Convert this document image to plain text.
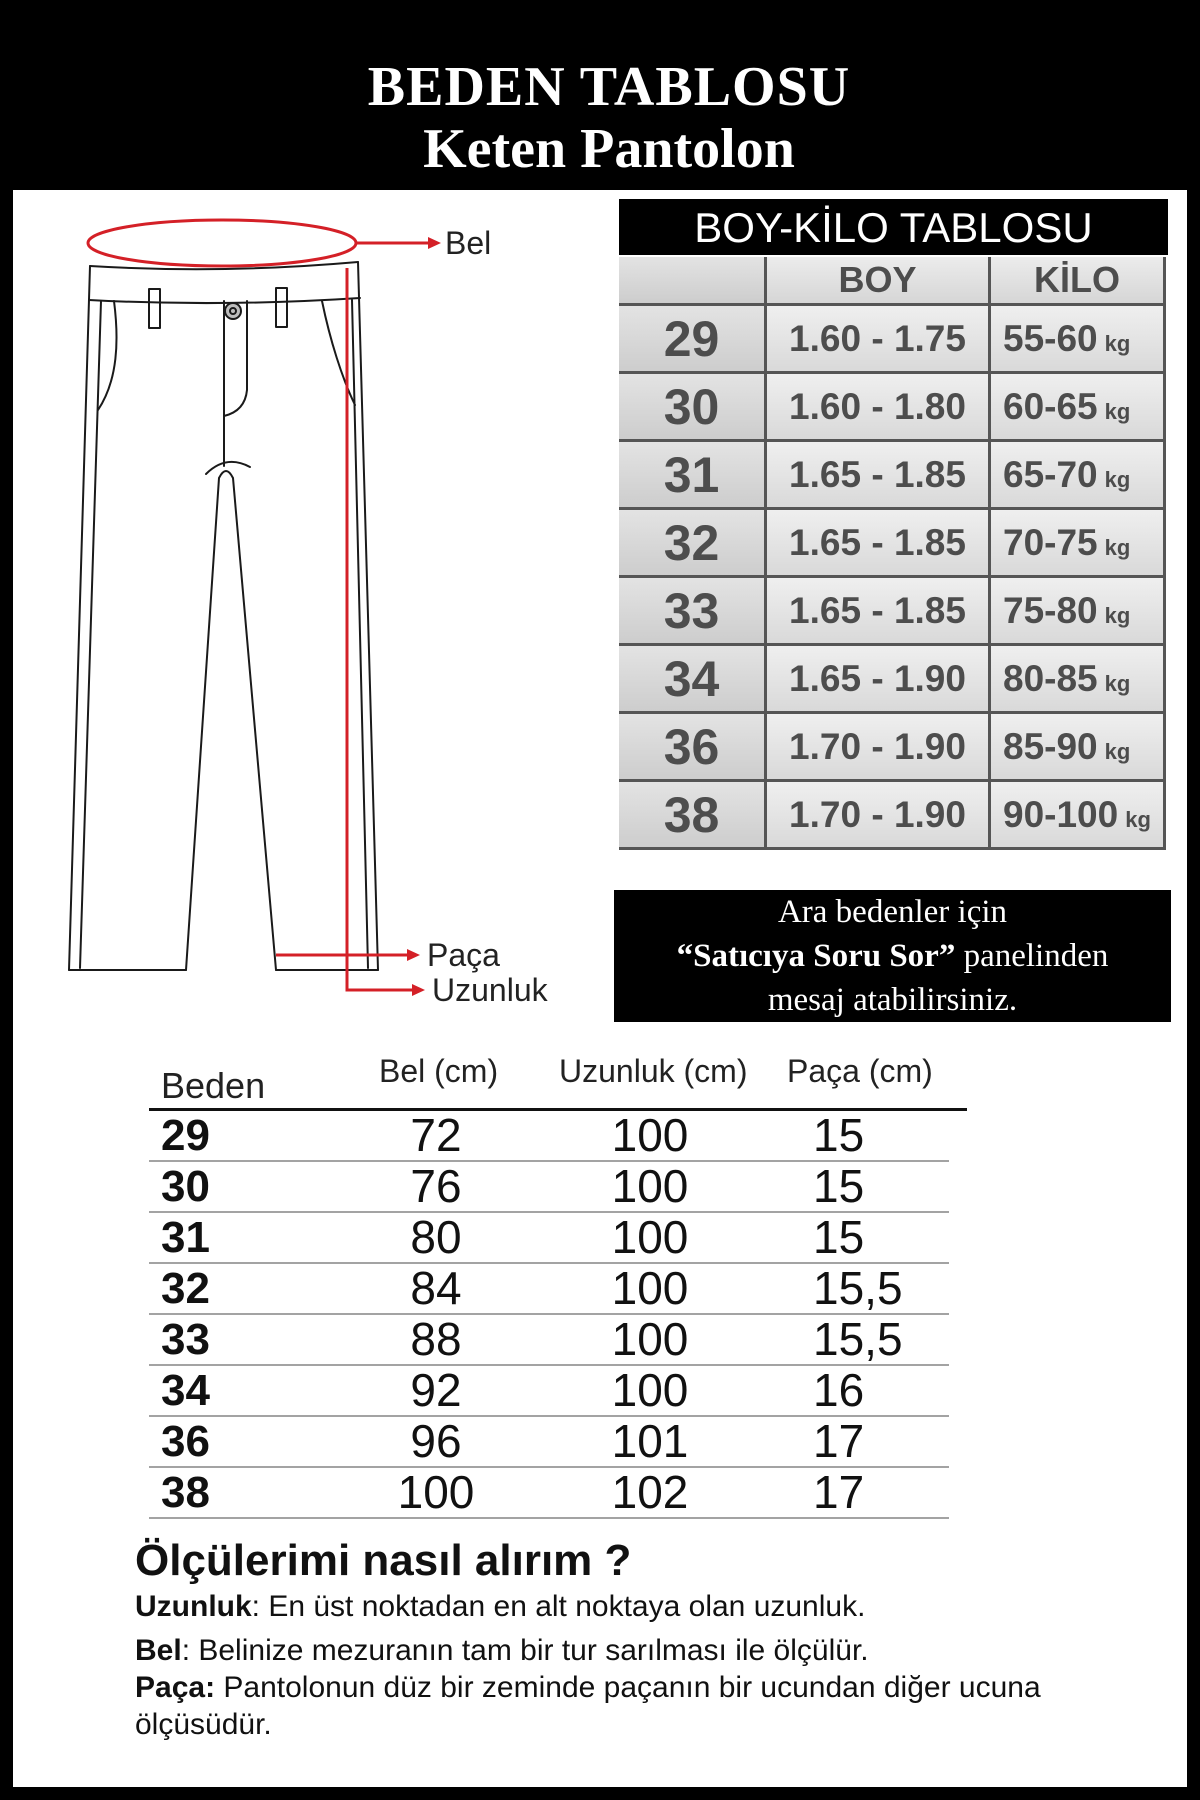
BEDEN TABLOSU
Keten Pantolon
Bel
Paça
Uzunluk
BOY-KİLO TABLOSU
BOY	KİLO
29	1.60 - 1.75	55-60 kg
30	1.60 - 1.80	60-65 kg
31	1.65 - 1.85	65-70 kg
32	1.65 - 1.85	70-75 kg
33	1.65 - 1.85	75-80 kg
34	1.65 - 1.90	80-85 kg
36	1.70 - 1.90	85-90 kg
38	1.70 - 1.90	90-100 kg
Ara bedenler için
“Satıcıya Soru Sor” panelinden
mesaj atabilirsiniz.
Beden	Bel (cm) Uzunluk (cm) Paça (cm)
29	72	100	15
30	76	100	15
31	80	100	15
32	84	100	15,5
33	88	100	15,5
34	92	100	16
36	96	101	17
38	100	102	17
Ölçülerimi nasıl alırım ?
Uzunluk: En üst noktadan en alt noktaya olan uzunluk.
Bel: Belinize mezuranın tam bir tur sarılması ile ölçülür.
Paça: Pantolonun düz bir zeminde paçanın bir ucundan diğer ucuna
ölçüsüdür.
